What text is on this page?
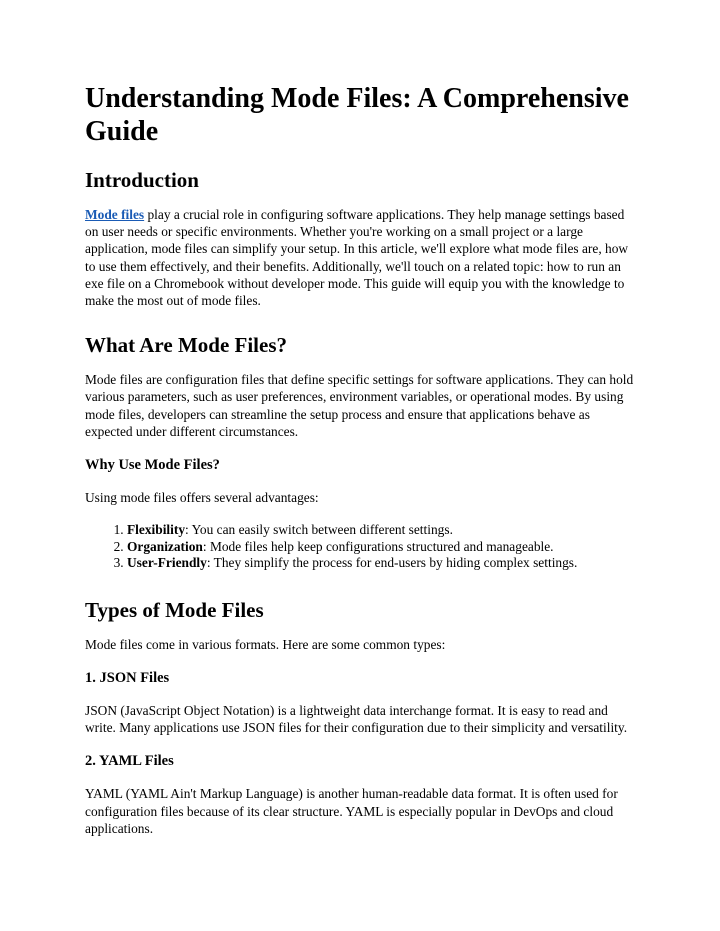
Understanding Mode Files: A Comprehensive Guide
Introduction

Mode files play a crucial role in configuring software applications. They help manage settings based on user needs or specific environments. Whether you're working on a small project or a large application, mode files can simplify your setup. In this article, we'll explore what mode files are, how to use them effectively, and their benefits. Additionally, we'll touch on a related topic: how to run an exe file on a Chromebook without developer mode. This guide will equip you with the knowledge to make the most out of mode files.

What Are Mode Files?

Mode files are configuration files that define specific settings for software applications. They can hold various parameters, such as user preferences, environment variables, or operational modes. By using mode files, developers can streamline the setup process and ensure that applications behave as expected under different circumstances.

Why Use Mode Files?

Using mode files offers several advantages:

1. Flexibility: You can easily switch between different settings.
2. Organization: Mode files help keep configurations structured and manageable.
3. User-Friendly: They simplify the process for end-users by hiding complex settings.
Types of Mode Files

Mode files come in various formats. Here are some common types:

1. JSON Files

JSON (JavaScript Object Notation) is a lightweight data interchange format. It is easy to read and write. Many applications use JSON files for their configuration due to their simplicity and versatility.

2. YAML Files

YAML (YAML Ain't Markup Language) is another human-readable data format. It is often used for configuration files because of its clear structure. YAML is especially popular in DevOps and cloud applications.
